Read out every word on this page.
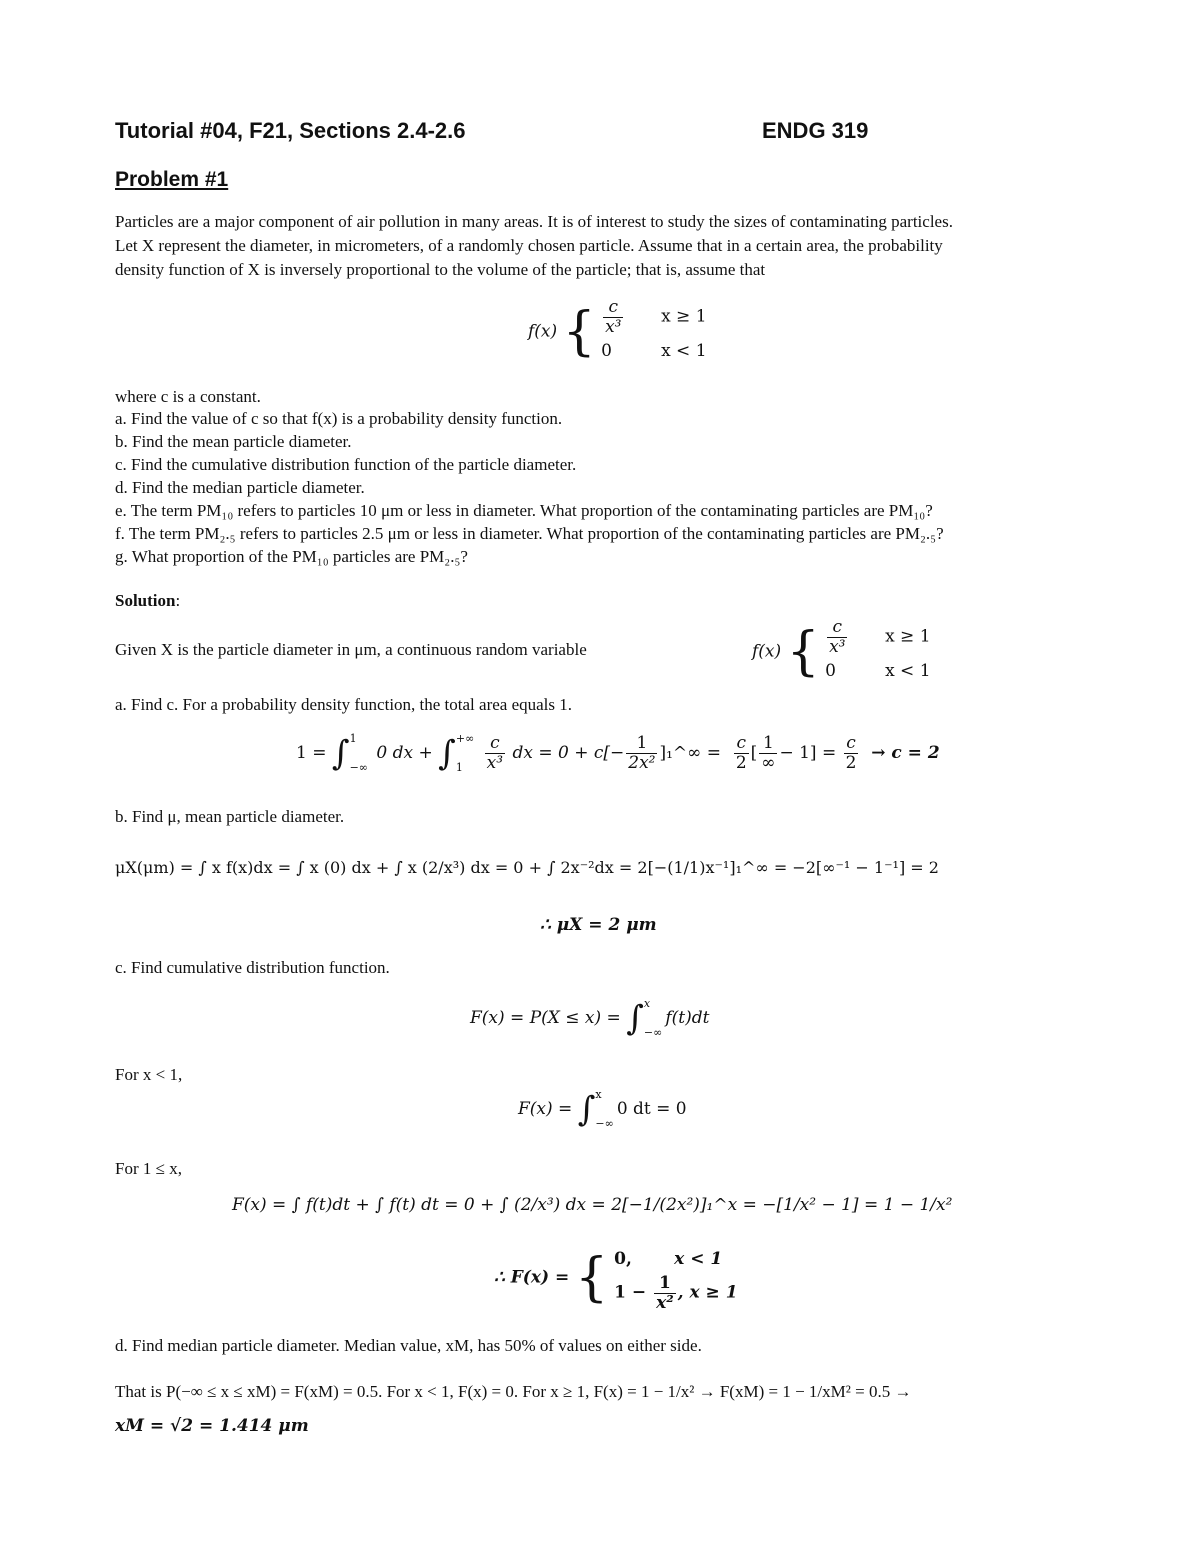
Tutorial #04, F21, Sections 2.4-2.6	ENDG 319
Problem #1
Particles are a major component of air pollution in many areas. It is of interest to study the sizes of contaminating particles.
Let X represent the diameter, in micrometers, of a randomly chosen particle. Assume that in a certain area, the probability
density function of X is inversely proportional to the volume of the particle; that is, assume that
f(x) { $\frac{c}{\text{x³}}$ x ≥ 1
0	x < 1
where c is a constant.
a. Find the value of c so that f(x) is a probability density function.
b. Find the mean particle diameter.
c. Find the cumulative distribution function of the particle diameter.
d. Find the median particle diameter.
e. The term PM₁₀ refers to particles 10 μm or less in diameter. What proportion of the contaminating particles are PM₁₀?
f. The term PM₂.₅ refers to particles 2.5 μm or less in diameter. What proportion of the contaminating particles are PM₂.₅?
g. What proportion of the PM₁₀ particles are PM₂.₅?
Solution:
Given X is the particle diameter in μm, a continuous random variable	f(x) { $\frac{c}{\text{x³}}$ x ≥ 1
0	x < 1
a. Find c. For a probability density function, the total area equals 1.
1 = ∫ 1

−∞
0 dx + ∫ +∞

1
	$\frac{c}{\text{x³}}$ dx = $0 + c[- \frac{1}{\text{2x²}}$ ]₁^∞ = $\frac{c}{2}$ [ $\frac{1}{\infty} - 1] = \frac{c}{2} \to c = 2$
b. Find μ, mean particle diameter.
μX(μm) = ∫ x f(x)dx = ∫ x (0) dx + ∫ x (2/x³) dx = 0 + ∫ 2x⁻²dx = 2[−(1/1)x⁻¹]₁^∞ = −2[∞⁻¹ − 1⁻¹] = 2
∴ μX = 2 μm
c. Find cumulative distribution function.
F(x) = P(X ≤ x) = ∫ x

−∞
f(t)dt
For x < 1,
F(x) = ∫ x

−∞
0 dt = 0
For 1 ≤ x,
F(x) = ∫ f(t)dt + ∫ f(t) dt = 0 + ∫ (2/x³) dx = 2[−1/(2x²)]₁^x = −[1/x² − 1] = 1 − 1/x²
∴ F(x) = { 0, x < 1
$1 - \frac{1}{\text{x²}}$ , x ≥ 1
d. Find median particle diameter. Median value, xM, has 50% of values on either side.
That is P(−∞ ≤ x ≤ xM) = F(xM) = 0.5. For x < 1, F(x) = 0. For x ≥ 1, F(x) = 1 − 1/x² → F(xM) = 1 − 1/xM² = 0.5 →
xM = √2 = 1.414 μm
